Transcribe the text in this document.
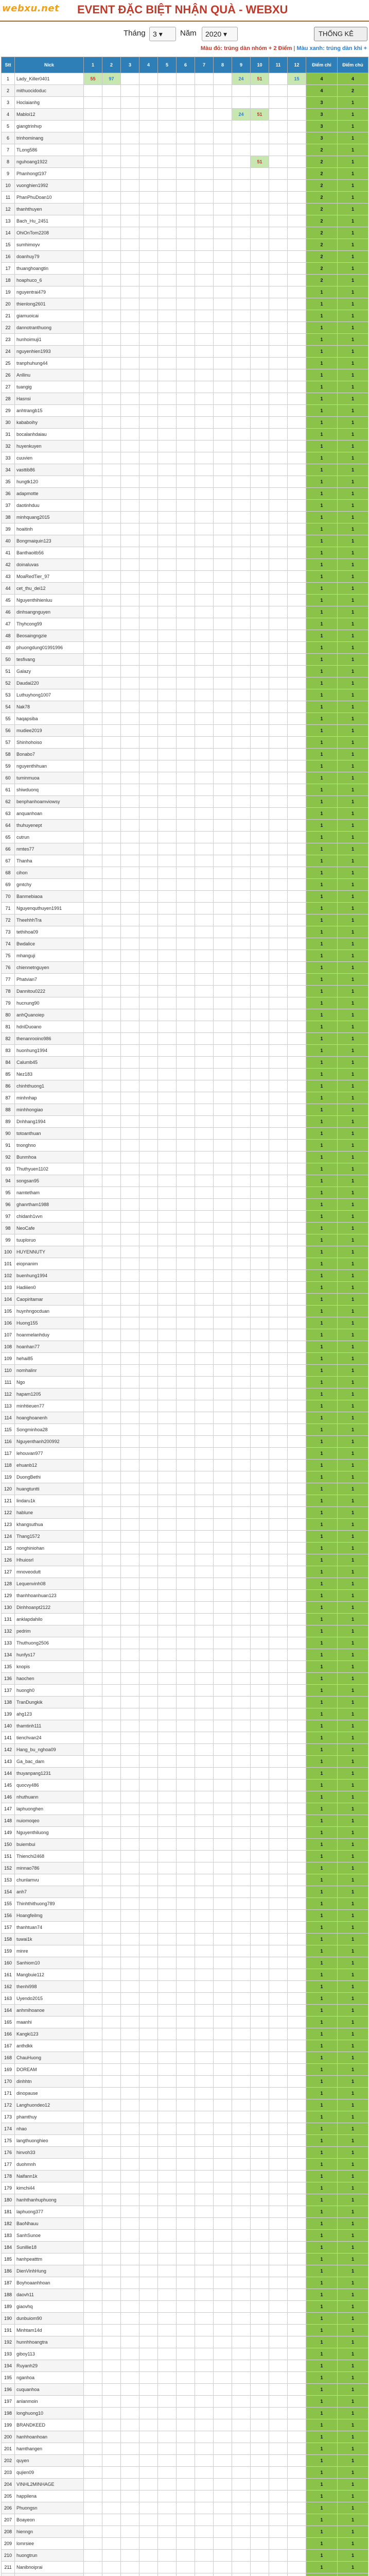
webxu.net EVENT ĐẶC BIỆT NHẬN QUÀ - WEBXU
Tháng	3 ▾	Năm	2020 ▾	THỐNG KÊ
Màu đỏ: trúng dàn nhóm + 2 Điểm | Màu xanh: trúng dàn khi +
Stt	Nick	1	2	3	4	5	6	7	8	9	10	11	12	Điểm chỉ	Điểm chủ
1	Lady_Killer0401	55	97							24	51		15	4	4
2	mithuocidoduc													4	2
3	Hoclaianhg													3	1
4	Mabloi12									24	51			3	1
5	giangtrinhvp													3	1
6	trinhominang													3	1
7	TLong586													2	1
8	nguhoang1922										51			2	1
9	Phanhongt197													2	1
10	vuonghien1992													2	1
11	PhanPhuDoan10													2	1
12	thanhthuyen													2	1
13	Bach_Hu_2451													2	1
14	OhiOnTom2208													2	1
15	sumhimoyv													2	1
16	doanhuy79													2	1
17	thuanghoangtin													2	1
18	hoaphuco_6													2	1
19	nguyentrai479													1	1
20	thienlong2601													1	1
21	giamuoicai													1	1
22	dannotranthuong													1	1
23	hunhoimuji1													1	1
24	nguyenhien1993													1	1
25	tranphuhung44													1	1
26	Anllinu													1	1
27	tuangig													1	1
28	Hasnsi													1	1
29	anhtrangb15													1	1
30	kababoihy													1	1
31	bocalanhdaiau													1	1
32	huyenkuyen													1	1
33	cuuvien													1	1
34	vasttib86													1	1
35	hungtk120													1	1
36	adapmotte													1	1
37	daotinhduu													1	1
38	minhquang2015													1	1
39	hoaitinh													1	1
40	Bongmaiquin123													1	1
41	Banthaoitb56													1	1
42	doinaluvas													1	1
43	MoaRedTier_97													1	1
44	cet_thu_dei12													1	1
45	Nguyenthihienluu													1	1
46	dinhsangnguyen													1	1
47	Thyhcong99													1	1
48	Beosaingngzie													1	1
49	phuongdung01991996													1	1
50	tesfivang													1	1
51	Galazy													1	1
52	Daudai220													1	1
53	Luthuyhong1007													1	1
54	Nak78													1	1
55	haqapsiba													1	1
56	mudiee2019													1	1
57	Shinhohoiso													1	1
58	Bonabo7													1	1
59	nguyenthihuan													1	1
60	tuminmuoa													1	1
61	shiwduonq													1	1
62	benphanhoamviowsy													1	1
63	anquanhoan													1	1
64	thuhuyenept													1	1
65	cutrun													1	1
66	nmtes77													1	1
67	Thanha													1	1
68	cihon													1	1
69	gmtchy													1	1
70	Banmebiaoa													1	1
71	Nguyenquthuyen1991													1	1
72	TheehhhTra													1	1
73	tethihoa09													1	1
74	Bwdalice													1	1
75	mhanguji													1	1
76	chiennetnguyen													1	1
77	Phatvian7													1	1
78	Dannitou0222													1	1
79	hucnung90													1	1
80	anhQuanoiep													1	1
81	hdnlDuoano													1	1
82	thenanrooino986													1	1
83	huonhung1994													1	1
84	Calumb45													1	1
85	Nez183													1	1
86	chinhthuong1													1	1
87	minhnhap													1	1
88	minhhongiao													1	1
89	Dnhhang1994													1	1
90	totoanthuan													1	1
91	tnonghno													1	1
92	Bunmhoa													1	1
93	Thuthyuen1102													1	1
94	songsan95													1	1
95	namtetham													1	1
96	ghanrtham1988													1	1
97	chidanh1vvn													1	1
98	NeoCafe													1	1
99	tuuploruo													1	1
100	HUYENNUTY													1	1
101	eiopnanim													1	1
102	buenhung1994													1	1
103	Hadiiien0													1	1
104	Caopiritamar													1	1
105	huynhngocduan													1	1
106	Huong155													1	1
107	hoanmelanhduy													1	1
108	hoanhan77													1	1
109	hehai85													1	1
110	nomhalinr													1	1
111	Ngo													1	1
112	hapam1205													1	1
113	minhtieuen77													1	1
114	hoanghoanenh													1	1
115	Songminhoa28													1	1
116	Nguyenthanh200992													1	1
117	lehouvan977													1	1
118	ehuanb12													1	1
119	DuongBethi													1	1
120	huangtuntti													1	1
121	lindaru1k													1	1
122	hablune													1	1
123	khangsuthua													1	1
124	Thang1572													1	1
125	nonghiniohan													1	1
126	Hhuiosrl													1	1
127	mnoveodutt													1	1
128	Lequenvinh08													1	1
129	thanhhoanhuan123													1	1
130	Dinhhoanpt2122													1	1
131	anklapdahilo													1	1
132	pedrim													1	1
133	Thuthuong2506													1	1
134	hunfys17													1	1
135	knopis													1	1
136	haochen													1	1
137	huongh0													1	1
138	TranDungkik													1	1
139	ahg123													1	1
140	thamtinh111													1	1
141	tienchvan24													1	1
142	Hang_bu_nghoa09													1	1
143	Ga_bac_dam													1	1
144	thuyanpang1231													1	1
145	quocvy486													1	1
146	nhuthuann													1	1
147	laphuonghen													1	1
148	nuiomoqeo													1	1
149	Nguyenthiluong													1	1
150	buiembui													1	1
151	Thienchi2468													1	1
152	minnao786													1	1
153	chunlamvu													1	1
154	anh7													1	1
155	Thinhthithuong789													1	1
156	Hoangfeilmg													1	1
157	thanhtuan74													1	1
158	tuwai1k													1	1
159	minre													1	1
160	Sanhiom10													1	1
161	Mangbuie112													1	1
162	thenhi998													1	1
163	Uyendo2015													1	1
164	anhmihoanoe													1	1
165	maanhi													1	1
166	Kangki123													1	1
167	anthdkk													1	1
168	ChauHuong													1	1
169	DOREAM													1	1
170	dinhhtn													1	1
171	dinopause													1	1
172	Langhuondeo12													1	1
173	phamthuy													1	1
174	nhao													1	1
175	langthuonghieo													1	1
176	hinvoh33													1	1
177	duohmnh													1	1
178	Naifann1k													1	1
179	kimchi44													1	1
180	hanhthanhuphuong													1	1
181	laphuong377													1	1
182	BaoNhauu													1	1
183	SanhSunoe													1	1
184	Sunillie18													1	1
185	hanhpeatttm													1	1
186	DienVinhHung													1	1
187	Boyhoaanhhoan													1	1
188	daovh11													1	1
189	giaovhq													1	1
190	dunbuiom90													1	1
191	Minhtam14d													1	1
192	hunnhhoangtra													1	1
193	giboy113													1	1
194	Ruyanh29													1	1
195	nganhoa													1	1
196	cuquanhoa													1	1
197	anlanmoin													1	1
198	longhuong10													1	1
199	BRANDKEED													1	1
200	hanhhoanhoan													1	1
201	hamthangen													1	1
202	quyen													1	1
203	qujien09													1	1
204	VINHL2MINHAGE													1	1
205	happilena													1	1
206	Phuongsn													1	1
207	Boayeon													1	1
208	hienngn													1	1
209	lomrsiee													1	1
210	huongtrun													1	1
211	Nanibnoiprai													1	1
